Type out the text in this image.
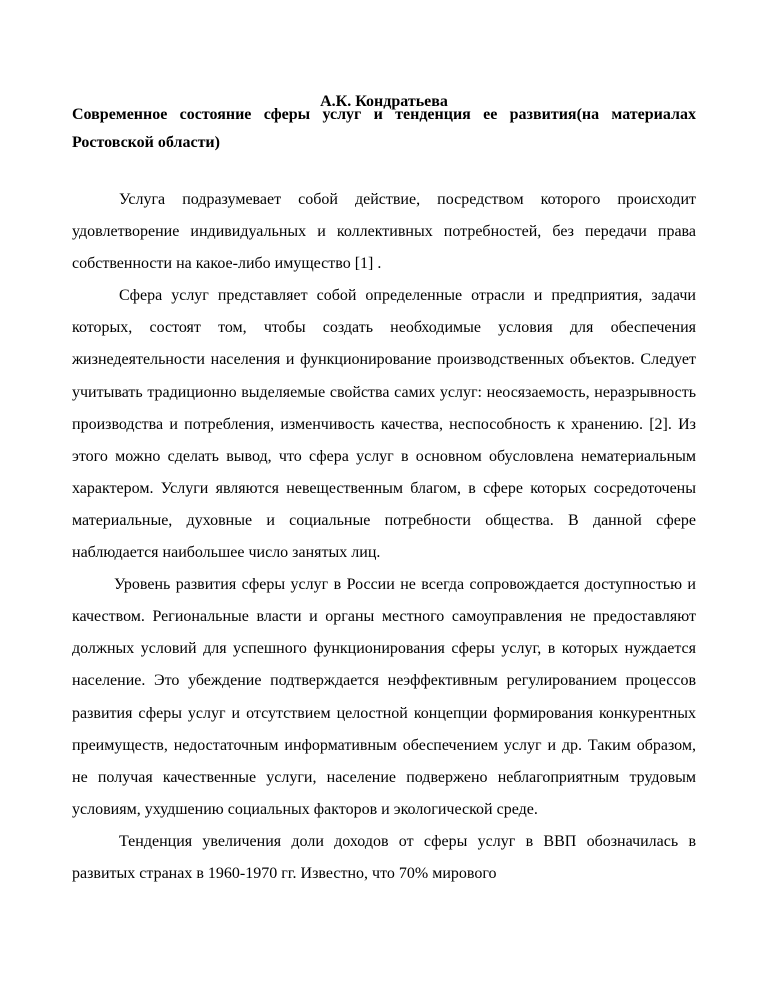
А.К. Кондратьева

Современное состояние сферы услуг и тенденция ее развития(на материалах Ростовской области)

Услуга подразумевает собой действие, посредством которого происходит удовлетворение индивидуальных и коллективных потребностей, без передачи права собственности на какое-либо имущество [1] .

Сфера услуг представляет собой определенные отрасли и предприятия, задачи которых, состоят том, чтобы создать необходимые условия для обеспечения жизнедеятельности населения и функционирование производственных объектов. Следует учитывать традиционно выделяемые свойства самих услуг: неосязаемость, неразрывность производства и потребления, изменчивость качества, неспособность к хранению. [2]. Из этого можно сделать вывод, что сфера услуг в основном обусловлена нематериальным характером. Услуги являются невещественным благом, в сфере которых сосредоточены материальные, духовные и социальные потребности общества. В данной сфере наблюдается наибольшее число занятых лиц.

Уровень развития сферы услуг в России не всегда сопровождается доступностью и качеством. Региональные власти и органы местного самоуправления не предоставляют должных условий для успешного функционирования сферы услуг, в которых нуждается население. Это убеждение подтверждается неэффективным регулированием процессов развития сферы услуг и отсутствием целостной концепции формирования конкурентных преимуществ, недостаточным информативным обеспечением услуг и др. Таким образом, не получая качественные услуги, население подвержено неблагоприятным трудовым условиям, ухудшению социальных факторов и экологической среде.

Тенденция увеличения доли доходов от сферы услуг в ВВП обозначилась в развитых странах в 1960-1970 гг. Известно, что 70% мирового
